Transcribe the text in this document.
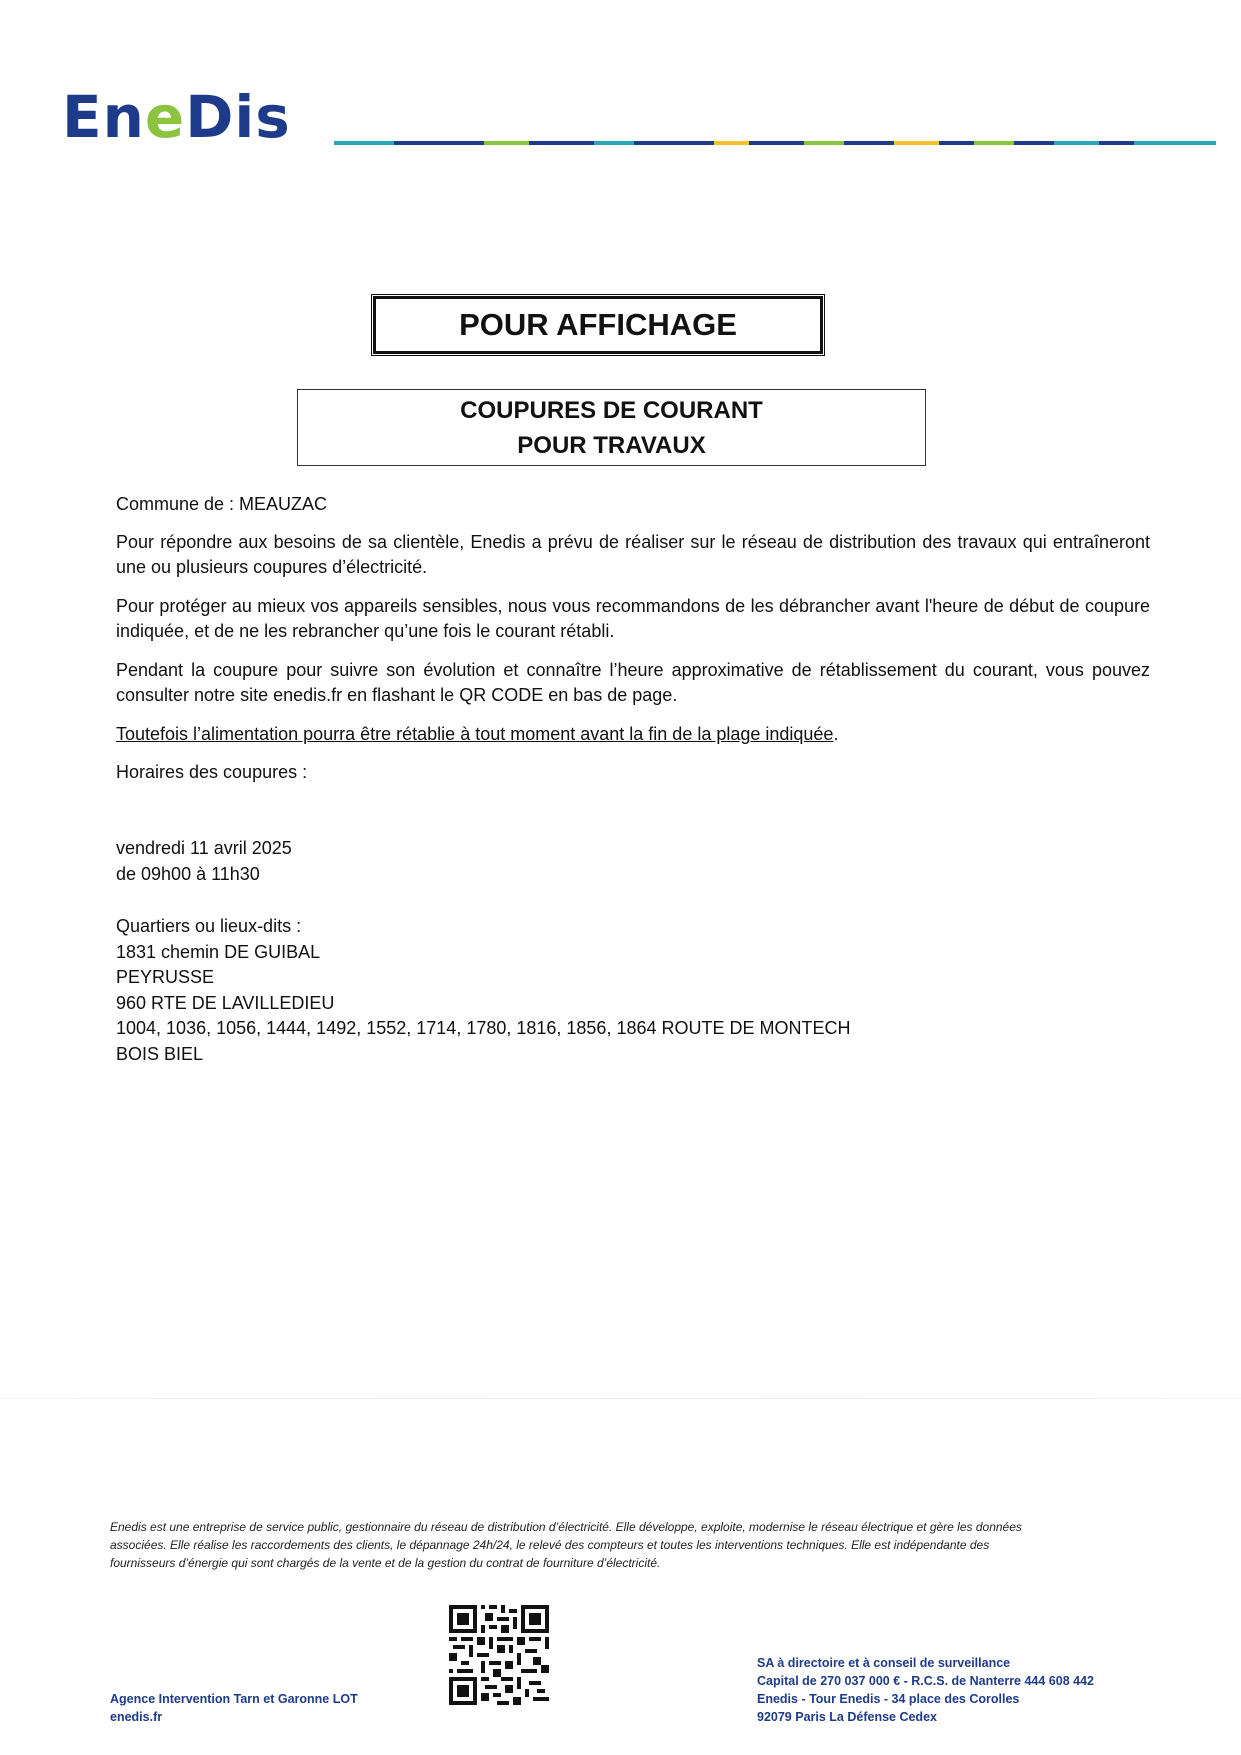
EneDis
POUR AFFICHAGE
COUPURES DE COURANT
POUR TRAVAUX
Commune de : MEAUZAC
Pour répondre aux besoins de sa clientèle, Enedis a prévu de réaliser sur le réseau de distribution des travaux qui entraîneront une ou plusieurs coupures d’électricité.
Pour protéger au mieux vos appareils sensibles, nous vous recommandons de les débrancher avant l'heure de début de coupure indiquée, et de ne les rebrancher qu’une fois le courant rétabli.
Pendant la coupure pour suivre son évolution et connaître l’heure approximative de rétablissement du courant, vous pouvez consulter notre site enedis.fr en flashant le QR CODE en bas de page.
Toutefois l’alimentation pourra être rétablie à tout moment avant la fin de la plage indiquée.
Horaires des coupures :
vendredi 11 avril 2025
de 09h00 à 11h30
Quartiers ou lieux-dits :
1831 chemin DE GUIBAL
PEYRUSSE
960 RTE DE LAVILLEDIEU
1004, 1036, 1056, 1444, 1492, 1552, 1714, 1780, 1816, 1856, 1864 ROUTE DE MONTECH
BOIS BIEL
Enedis est une entreprise de service public, gestionnaire du réseau de distribution d’électricité. Elle développe, exploite, modernise le réseau électrique et gère les données
associées. Elle réalise les raccordements des clients, le dépannage 24h/24, le relevé des compteurs et toutes les interventions techniques. Elle est indépendante des
fournisseurs d’énergie qui sont chargés de la vente et de la gestion du contrat de fourniture d’électricité.
Agence Intervention Tarn et Garonne LOT
enedis.fr
SA à directoire et à conseil de surveillance
Capital de 270 037 000 € - R.C.S. de Nanterre 444 608 442
Enedis - Tour Enedis - 34 place des Corolles
92079 Paris La Défense Cedex
